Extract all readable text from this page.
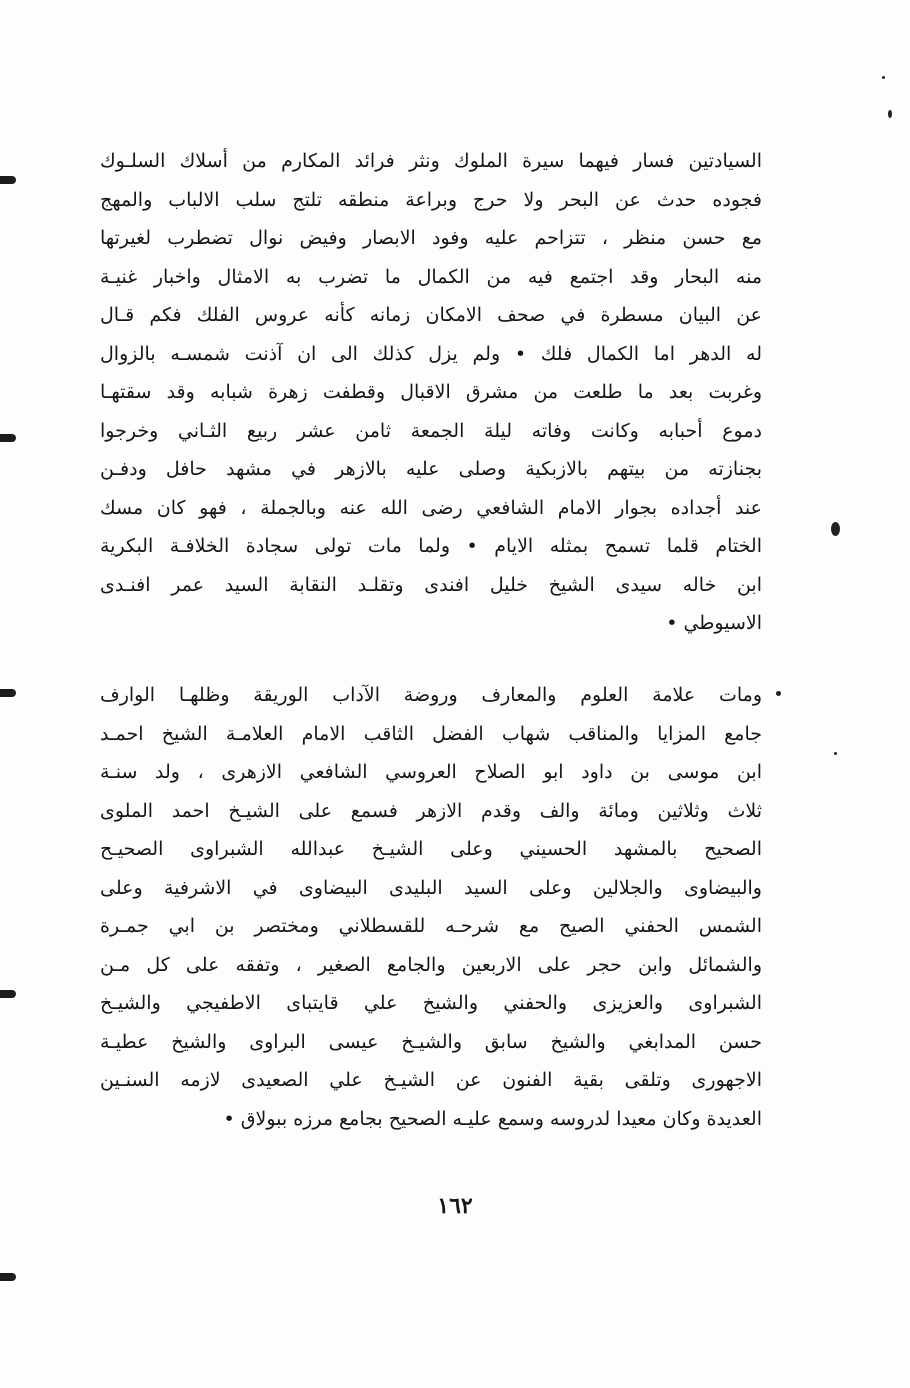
السيادتين فسار فيهما سيرة الملوك ونثر فرائد المكارم من أسلاك السلـوك
فجوده حدث عن البحر ولا حرج وبراعة منطقه تلتج سلب الالباب والمهج
مع حسن منظر ، تتزاحم عليه وفود الابصار وفيض نوال تضطرب لغيرتها
منه البحار وقد اجتمع فيه من الكمال ما تضرب به الامثال واخبار غنيـة
عن البيان مسطرة في صحف الامكان زمانه كأنه عروس الفلك فكم قـال
له الدهر اما الكمال فلك • ولم يزل كذلك الى ان آذنت شمسـه بالزوال
وغربت بعد ما طلعت من مشرق الاقبال وقطفت زهرة شبابه وقد سقتهـا
دموع أحبابه وكانت وفاته ليلة الجمعة ثامن عشر ربيع الثـاني وخرجوا
بجنازته من بيتهم بالازبكية وصلى عليه بالازهر في مشهد حافل ودفـن
عند أجداده بجوار الامام الشافعي رضى الله عنه وبالجملة ، فهو كان مسك
الختام قلما تسمح بمثله الايام • ولما مات تولى سجادة الخلافـة البكرية
ابن خاله سيدى الشيخ خليل افندى وتقلـد النقابة السيد عمر افنـدى
الاسيوطي •
ومات علامة العلوم والمعارف وروضة الآداب الوريقة وظلهـا الوارف
جامع المزايا والمناقب شهاب الفضل الثاقب الامام العلامـة الشيخ احمـد
ابن موسى بن داود ابو الصلاح العروسي الشافعي الازهرى ، ولد سنـة
ثلاث وثلاثين ومائة والف وقدم الازهر فسمع على الشيـخ احمد الملوى
الصحيح بالمشهد الحسيني وعلى الشيـخ عبدالله الشبراوى الصحيـح
والبيضاوى والجلالين وعلى السيد البليدى البيضاوى في الاشرفية وعلى
الشمس الحفني الصيح مع شرحـه للقسطلاني ومختصر بن ابي جمـرة
والشمائل وابن حجر على الاربعين والجامع الصغير ، وتفقه على كل مـن
الشبراوى والعزيزى والحفني والشيخ علي قايتباى الاطفيجي والشيـخ
حسن المدابغي والشيخ سابق والشيـخ عيسى البراوى والشيخ عطيـة
الاجهورى وتلقى بقية الفنون عن الشيـخ علي الصعيدى لازمه السنـين
العديدة وكان معيدا لدروسه وسمع عليـه الصحيح بجامع مرزه ببولاق •
١٦٢
